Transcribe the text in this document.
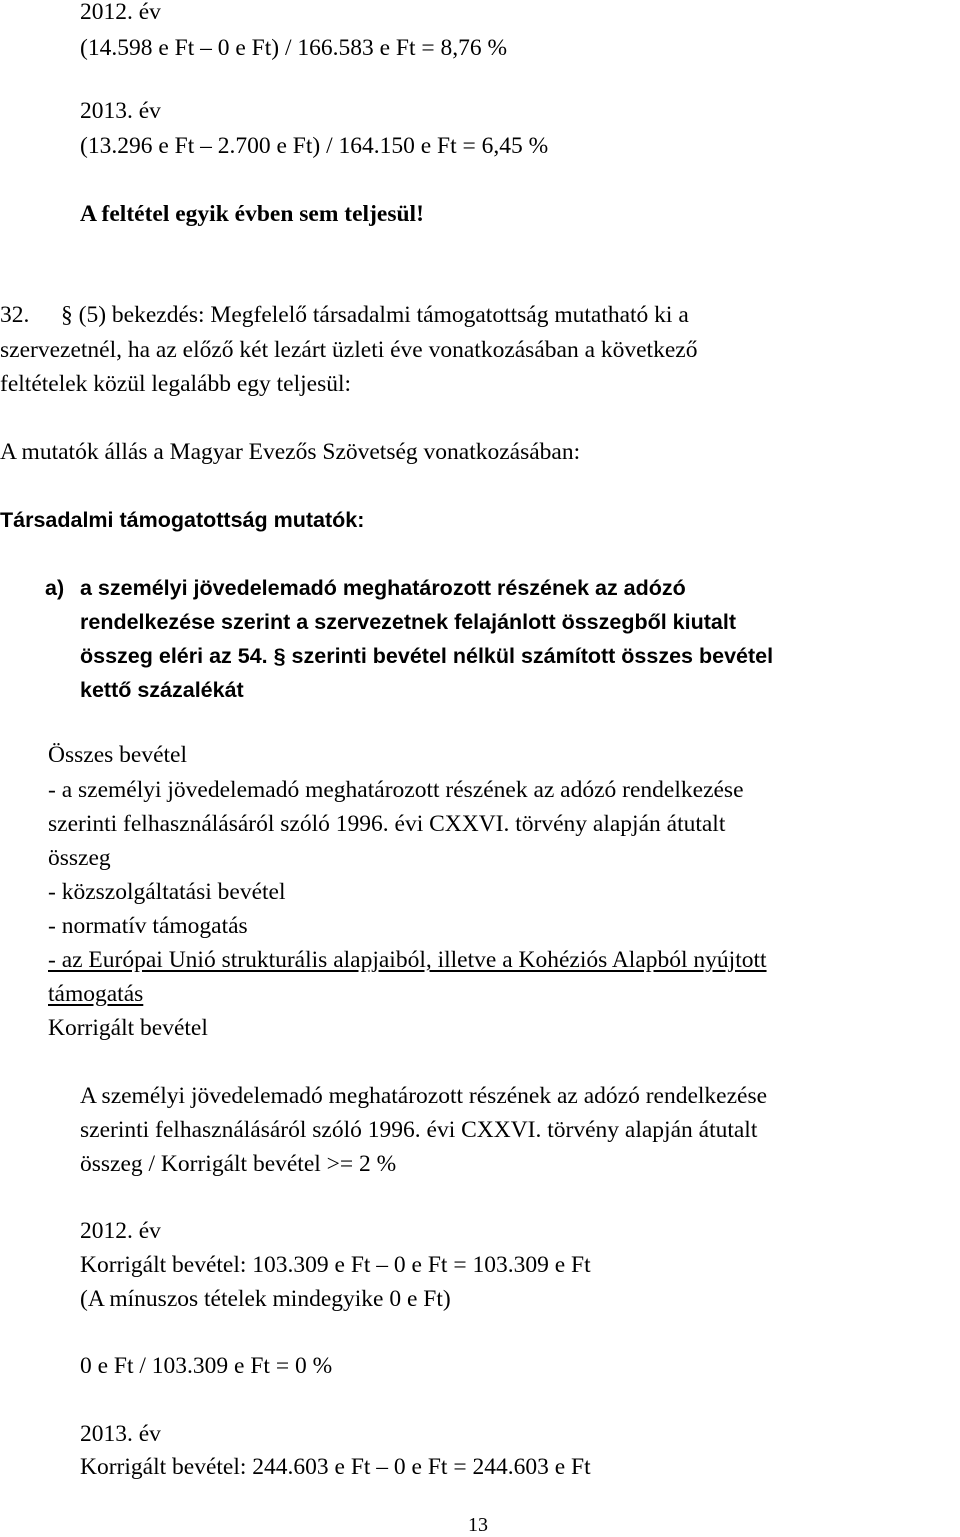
2012. év
(14.598 e Ft – 0 e Ft) / 166.583 e Ft = 8,76 %
2013. év
(13.296 e Ft – 2.700 e Ft) / 164.150 e Ft = 6,45 %
A feltétel egyik évben sem teljesül!
32. § (5) bekezdés: Megfelelő társadalmi támogatottság mutatható ki a
szervezetnél, ha az előző két lezárt üzleti éve vonatkozásában a következő
feltételek közül legalább egy teljesül:
A mutatók állás a Magyar Evezős Szövetség vonatkozásában:
Társadalmi támogatottság mutatók:
a) a személyi jövedelemadó meghatározott részének az adózó
rendelkezése szerint a szervezetnek felajánlott összegből kiutalt
összeg eléri az 54. § szerinti bevétel nélkül számított összes bevétel
kettő százalékát
Összes bevétel
- a személyi jövedelemadó meghatározott részének az adózó rendelkezése
szerinti felhasználásáról szóló 1996. évi CXXVI. törvény alapján átutalt
összeg
- közszolgáltatási bevétel
- normatív támogatás
- az Európai Unió strukturális alapjaiból, illetve a Kohéziós Alapból nyújtott
támogatás
Korrigált bevétel
A személyi jövedelemadó meghatározott részének az adózó rendelkezése
szerinti felhasználásáról szóló 1996. évi CXXVI. törvény alapján átutalt
összeg / Korrigált bevétel >= 2 %
2012. év
Korrigált bevétel: 103.309 e Ft – 0 e Ft = 103.309 e Ft
(A mínuszos tételek mindegyike 0 e Ft)
0 e Ft / 103.309 e Ft = 0 %
2013. év
Korrigált bevétel: 244.603 e Ft – 0 e Ft = 244.603 e Ft
13
